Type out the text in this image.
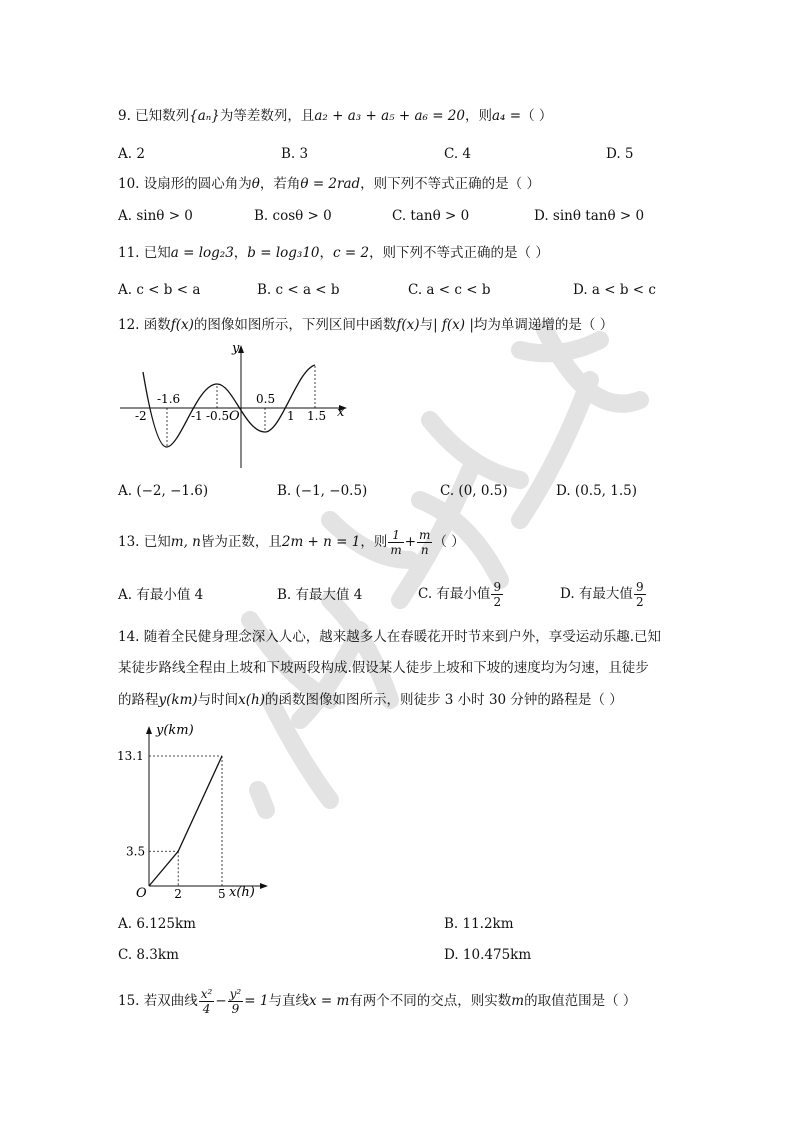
9. 已知数列{aₙ}为等差数列，且a₂ + a₃ + a₅ + a₆ = 20，则a₄ =（ ）
A. 2	B. 3	C. 4	D. 5
10. 设扇形的圆心角为θ，若角θ = 2rad，则下列不等式正确的是（ ）
A. sinθ > 0	B. cosθ > 0	C. tanθ > 0	D. sinθ tanθ > 0
11. 已知a = log₂3，b = log₃10，c = 2，则下列不等式正确的是（ ）
A. c < b < a	B. c < a < b	C. a < c < b	D. a < b < c
12. 函数f(x)的图像如图所示，下列区间中函数f(x)与| f(x) |均为单调递增的是（ ）
y
x
O
-2	-1 -0.5	1 1.5
-1.6	0.5
A. (−2, −1.6)	B. (−1, −0.5)	C. (0, 0.5)	D. (0.5, 1.5)
13. 已知m, n皆为正数，且2m + n = 1，则 $\frac{1}{m} + \frac{m}{n}$ （ ）
A. 有最小值 4	B. 有最大值 4	C. 有最小值 $\frac{9}{2}$	D. 有最大值 $\frac{9}{2}$
14. 随着全民健身理念深入人心，越来越多人在春暖花开时节来到户外，享受运动乐趣.已知
某徒步路线全程由上坡和下坡两段构成.假设某人徒步上坡和下坡的速度均为匀速，且徒步
的路程y(km)与时间x(h)的函数图像如图所示，则徒步 3 小时 30 分钟的路程是（ ）
y(km)
x(h)
O
13.1
3.5
2	5
A. 6.125km	B. 11.2km
C. 8.3km	D. 10.475km
15. 若双曲线 $\frac{\text{x²}}{4} - \frac{\text{y²}}{9} = 1$与直线x = m有两个不同的交点，则实数m的取值范围是（ ）
